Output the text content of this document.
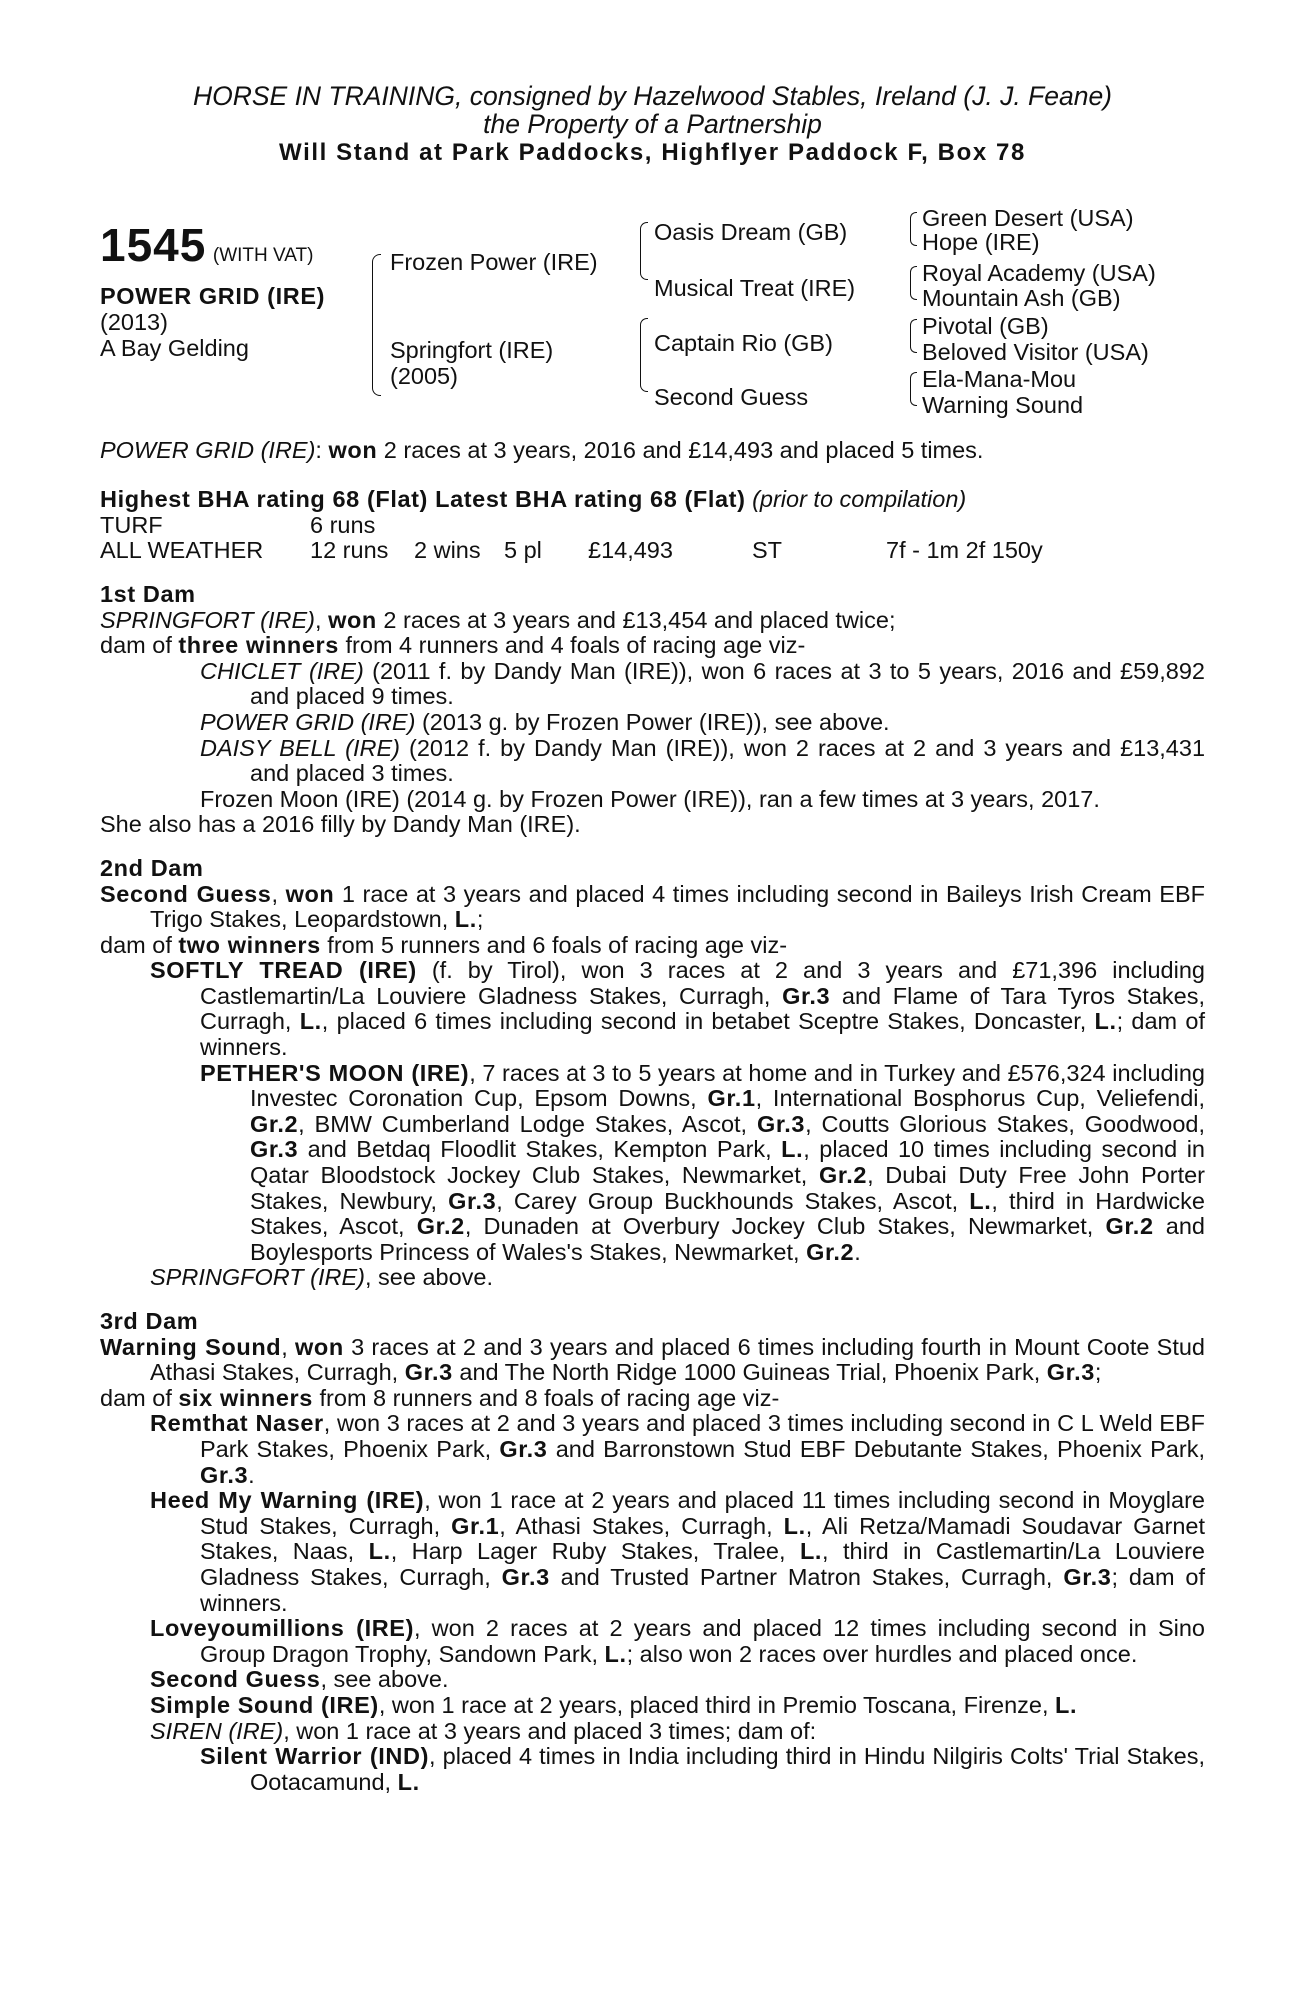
HORSE IN TRAINING, consigned by Hazelwood Stables, Ireland (J. J. Feane)
the Property of a Partnership
Will Stand at Park Paddocks, Highflyer Paddock F, Box 78
1545 (WITH VAT)
POWER GRID (IRE)
(2013)
A Bay Gelding
Frozen Power (IRE)
Springfort (IRE)
(2005)
Oasis Dream (GB)
Musical Treat (IRE)
Captain Rio (GB)
Second Guess
Green Desert (USA)
Hope (IRE)
Royal Academy (USA)
Mountain Ash (GB)
Pivotal (GB)
Beloved Visitor (USA)
Ela-Mana-Mou
Warning Sound

POWER GRID (IRE): won 2 races at 3 years, 2016 and £14,493 and placed 5 times.

Highest BHA rating 68 (Flat) Latest BHA rating 68 (Flat) (prior to compilation)

TURF	6 runs
ALL WEATHER	12 runs	2 wins 5 pl	£14,493	ST	7f - 1m 2f 150y
1st Dam

SPRINGFORT (IRE), won 2 races at 3 years and £13,454 and placed twice;

dam of three winners from 4 runners and 4 foals of racing age viz-

CHICLET (IRE) (2011 f. by Dandy Man (IRE)), won 6 races at 3 to 5 years, 2016 and £59,892 and placed 9 times.

POWER GRID (IRE) (2013 g. by Frozen Power (IRE)), see above.

DAISY BELL (IRE) (2012 f. by Dandy Man (IRE)), won 2 races at 2 and 3 years and £13,431 and placed 3 times.

Frozen Moon (IRE) (2014 g. by Frozen Power (IRE)), ran a few times at 3 years, 2017.

She also has a 2016 filly by Dandy Man (IRE).

2nd Dam

Second Guess, won 1 race at 3 years and placed 4 times including second in Baileys Irish Cream EBF Trigo Stakes, Leopardstown, L.;

dam of two winners from 5 runners and 6 foals of racing age viz-

SOFTLY TREAD (IRE) (f. by Tirol), won 3 races at 2 and 3 years and £71,396 including Castlemartin/La Louviere Gladness Stakes, Curragh, Gr.3 and Flame of Tara Tyros Stakes, Curragh, L., placed 6 times including second in betabet Sceptre Stakes, Doncaster, L.; dam of winners.

PETHER'S MOON (IRE), 7 races at 3 to 5 years at home and in Turkey and £576,324 including Investec Coronation Cup, Epsom Downs, Gr.1, International Bosphorus Cup, Veliefendi, Gr.2, BMW Cumberland Lodge Stakes, Ascot, Gr.3, Coutts Glorious Stakes, Goodwood, Gr.3 and Betdaq Floodlit Stakes, Kempton Park, L., placed 10 times including second in Qatar Bloodstock Jockey Club Stakes, Newmarket, Gr.2, Dubai Duty Free John Porter Stakes, Newbury, Gr.3, Carey Group Buckhounds Stakes, Ascot, L., third in Hardwicke Stakes, Ascot, Gr.2, Dunaden at Overbury Jockey Club Stakes, Newmarket, Gr.2 and Boylesports Princess of Wales's Stakes, Newmarket, Gr.2.

SPRINGFORT (IRE), see above.

3rd Dam

Warning Sound, won 3 races at 2 and 3 years and placed 6 times including fourth in Mount Coote Stud Athasi Stakes, Curragh, Gr.3 and The North Ridge 1000 Guineas Trial, Phoenix Park, Gr.3;

dam of six winners from 8 runners and 8 foals of racing age viz-

Remthat Naser, won 3 races at 2 and 3 years and placed 3 times including second in C L Weld EBF Park Stakes, Phoenix Park, Gr.3 and Barronstown Stud EBF Debutante Stakes, Phoenix Park, Gr.3.

Heed My Warning (IRE), won 1 race at 2 years and placed 11 times including second in Moyglare Stud Stakes, Curragh, Gr.1, Athasi Stakes, Curragh, L., Ali Retza/Mamadi Soudavar Garnet Stakes, Naas, L., Harp Lager Ruby Stakes, Tralee, L., third in Castlemartin/La Louviere Gladness Stakes, Curragh, Gr.3 and Trusted Partner Matron Stakes, Curragh, Gr.3; dam of winners.

Loveyoumillions (IRE), won 2 races at 2 years and placed 12 times including second in Sino Group Dragon Trophy, Sandown Park, L.; also won 2 races over hurdles and placed once.

Second Guess, see above.

Simple Sound (IRE), won 1 race at 2 years, placed third in Premio Toscana, Firenze, L.

SIREN (IRE), won 1 race at 3 years and placed 3 times; dam of:

Silent Warrior (IND), placed 4 times in India including third in Hindu Nilgiris Colts' Trial Stakes, Ootacamund, L.
